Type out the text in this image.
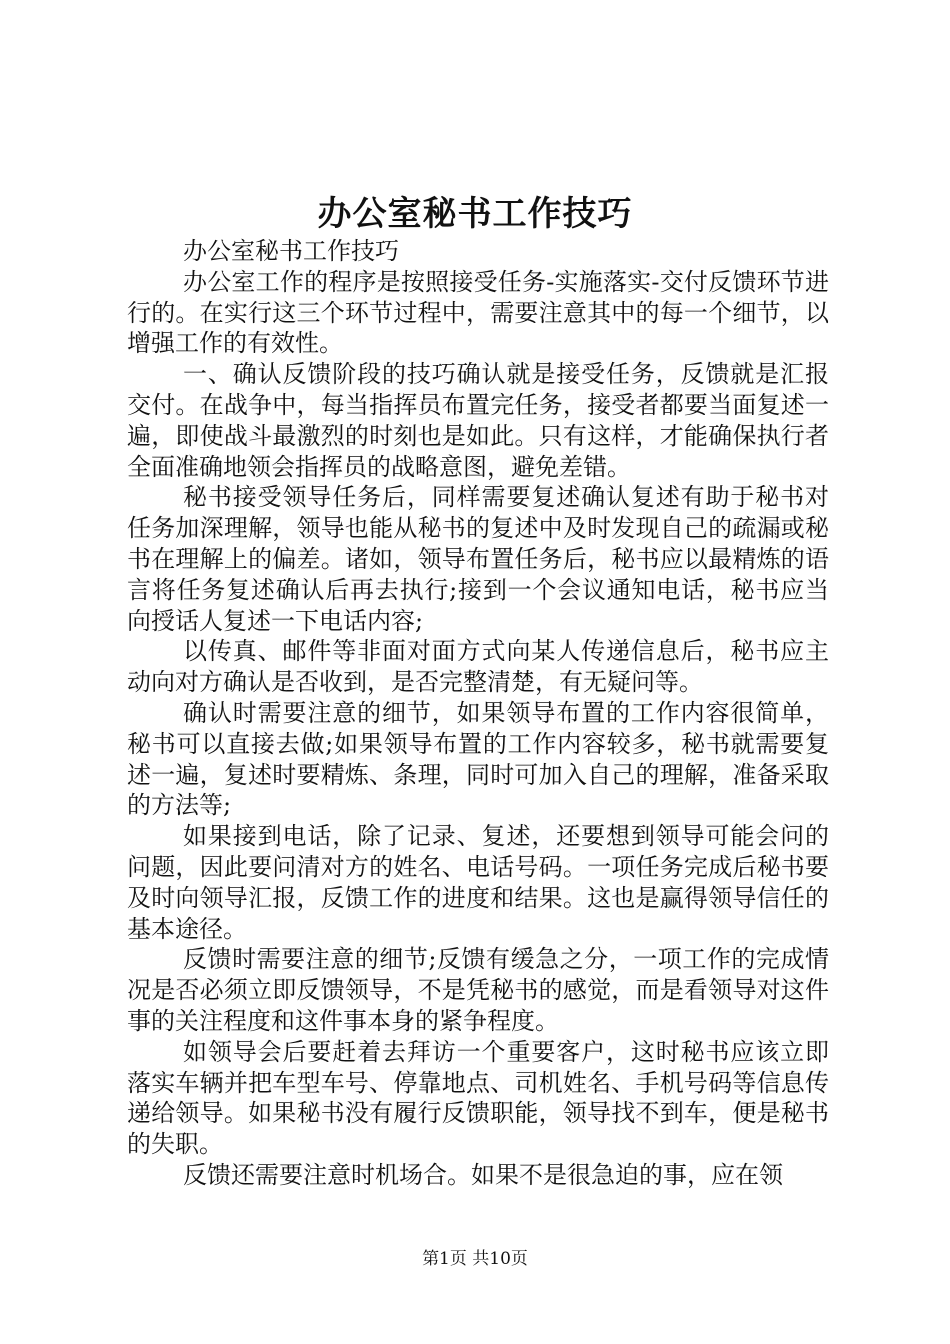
办公室秘书工作技巧

办公室秘书工作技巧

办公室工作的程序是按照接受任务-实施落实-交付反馈环节进行的。在实行这三个环节过程中，需要注意其中的每一个细节，以增强工作的有效性。

一、确认反馈阶段的技巧确认就是接受任务，反馈就是汇报交付。在战争中，每当指挥员布置完任务，接受者都要当面复述一遍，即使战斗最激烈的时刻也是如此。只有这样，才能确保执行者全面准确地领会指挥员的战略意图，避免差错。

秘书接受领导任务后，同样需要复述确认复述有助于秘书对任务加深理解，领导也能从秘书的复述中及时发现自己的疏漏或秘书在理解上的偏差。诸如，领导布置任务后，秘书应以最精炼的语言将任务复述确认后再去执行;接到一个会议通知电话，秘书应当向授话人复述一下电话内容;

以传真、邮件等非面对面方式向某人传递信息后，秘书应主动向对方确认是否收到，是否完整清楚，有无疑问等。

确认时需要注意的细节，如果领导布置的工作内容很简单，秘书可以直接去做;如果领导布置的工作内容较多，秘书就需要复述一遍，复述时要精炼、条理，同时可加入自己的理解，准备采取的方法等;

如果接到电话，除了记录、复述，还要想到领导可能会问的问题，因此要问清对方的姓名、电话号码。一项任务完成后秘书要及时向领导汇报，反馈工作的进度和结果。这也是赢得领导信任的基本途径。

反馈时需要注意的细节;反馈有缓急之分，一项工作的完成情况是否必须立即反馈领导，不是凭秘书的感觉，而是看领导对这件事的关注程度和这件事本身的紧争程度。

如领导会后要赶着去拜访一个重要客户，这时秘书应该立即落实车辆并把车型车号、停靠地点、司机姓名、手机号码等信息传递给领导。如果秘书没有履行反馈职能，领导找不到车，便是秘书的失职。

反馈还需要注意时机场合。如果不是很急迫的事，应在领

第1页 共10页
